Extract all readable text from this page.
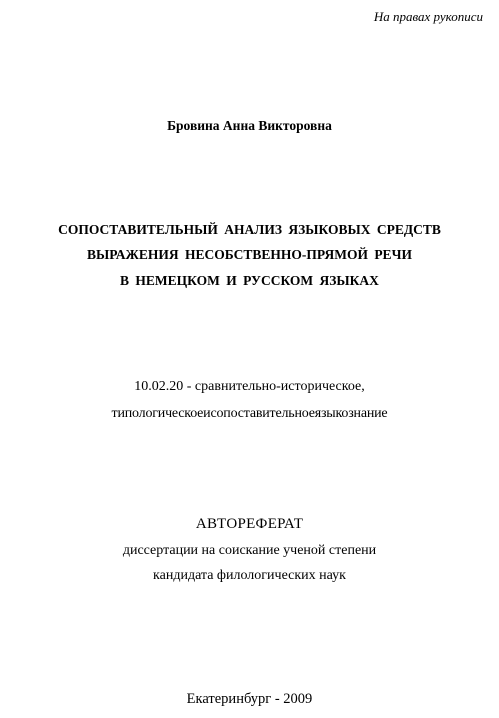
На правах рукописи
Бровина Анна Викторовна
СОПОСТАВИТЕЛЬНЫЙ АНАЛИЗ ЯЗЫКОВЫХ СРЕДСТВ
ВЫРАЖЕНИЯ НЕСОБСТВЕННО-ПРЯМОЙ РЕЧИ
В НЕМЕЦКОМ И РУССКОМ ЯЗЫКАХ
10.02.20 - сравнительно-историческое,
типологическоеисопоставительноеязыкознание
АВТОРЕФЕРАТ
диссертации на соискание ученой степени
кандидата филологических наук
Екатеринбург - 2009
